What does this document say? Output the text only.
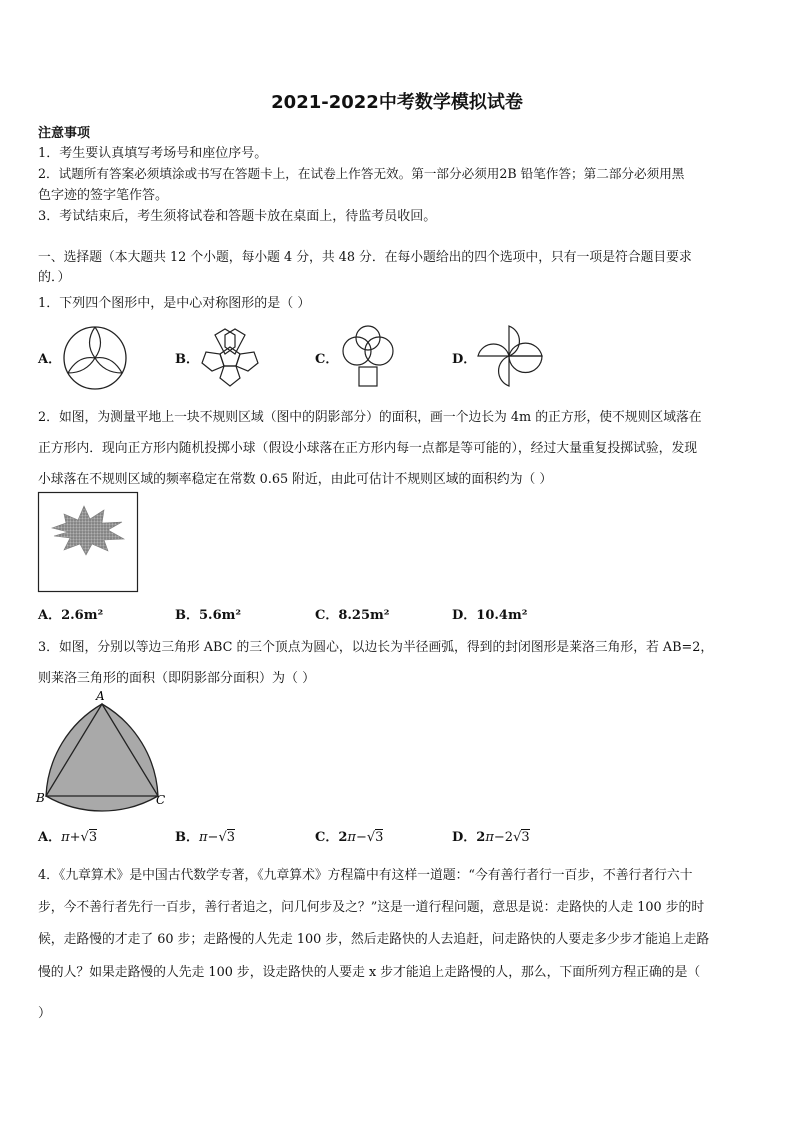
2021-2022中考数学模拟试卷
注意事项
1．考生要认真填写考场号和座位序号。
2．试题所有答案必须填涂或书写在答题卡上，在试卷上作答无效。第一部分必须用2B 铅笔作答；第二部分必须用黑
色字迹的签字笔作答。
3．考试结束后，考生须将试卷和答题卡放在桌面上，待监考员收回。
一、选择题（本大题共 12 个小题，每小题 4 分，共 48 分．在每小题给出的四个选项中，只有一项是符合题目要求
的．）
1．下列四个图形中，是中心对称图形的是（ ）
A．	B．	C．	D．
2．如图，为测量平地上一块不规则区域（图中的阴影部分）的面积，画一个边长为 4m 的正方形，使不规则区域落在
正方形内．现向正方形内随机投掷小球（假设小球落在正方形内每一点都是等可能的），经过大量重复投掷试验，发现
小球落在不规则区域的频率稳定在常数 0.65 附近，由此可估计不规则区域的面积约为（ ）
A．2.6m²	B．5.6m²	C．8.25m²	D．10.4m²
3．如图，分别以等边三角形 ABC 的三个顶点为圆心，以边长为半径画弧，得到的封闭图形是莱洛三角形，若 AB=2，
则莱洛三角形的面积（即阴影部分面积）为（ ）
A
B	C
A．π+√3	B．π−√3	C．2π−√3	D．2π−2√3
4．《九章算术》是中国古代数学专著，《九章算术》方程篇中有这样一道题：“今有善行者行一百步，不善行者行六十
步，今不善行者先行一百步，善行者追之，问几何步及之？”这是一道行程问题，意思是说：走路快的人走 100 步的时
候，走路慢的才走了 60 步；走路慢的人先走 100 步，然后走路快的人去追赶，问走路快的人要走多少步才能追上走路
慢的人？如果走路慢的人先走 100 步，设走路快的人要走 x 步才能追上走路慢的人，那么，下面所列方程正确的是（
）
